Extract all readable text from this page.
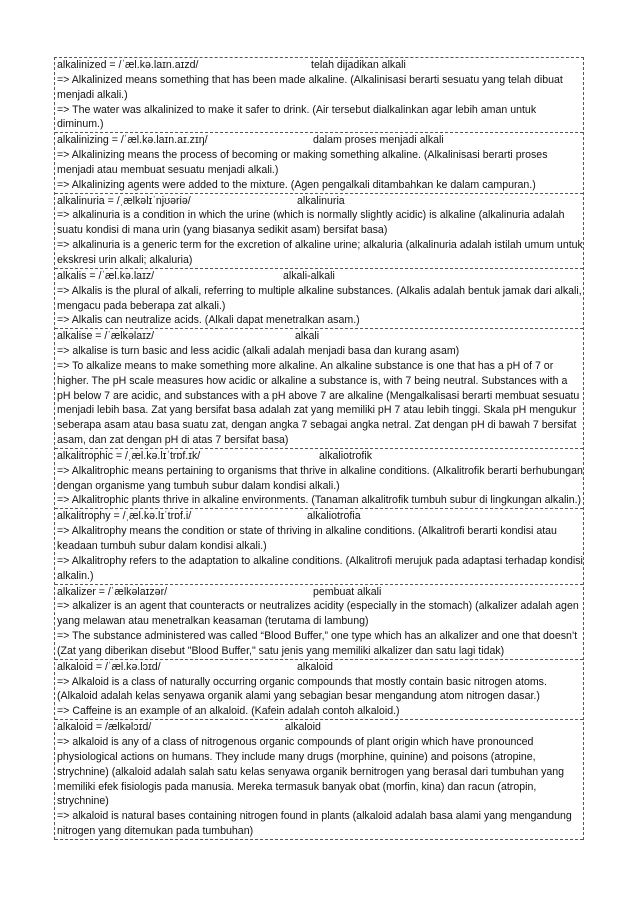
alkalinized = /ˈæl.kə.laɪn.aɪzd/	telah dijadikan alkali
=> Alkalinized means something that has been made alkaline. (Alkalinisasi berarti sesuatu yang telah dibuat menjadi alkali.)
=> The water was alkalinized to make it safer to drink. (Air tersebut dialkalinkan agar lebih aman untuk diminum.)
alkalinizing = /ˈæl.kə.laɪn.aɪ.zɪŋ/	dalam proses menjadi alkali
=> Alkalinizing means the process of becoming or making something alkaline. (Alkalinisasi berarti proses menjadi atau membuat sesuatu menjadi alkali.)
=> Alkalinizing agents were added to the mixture. (Agen pengalkali ditambahkan ke dalam campuran.)
alkalinuria = /ˌælkəlɪˈnjʊəriə/	alkalinuria
=> alkalinuria is a condition in which the urine (which is normally slightly acidic) is alkaline (alkalinuria adalah suatu kondisi di mana urin (yang biasanya sedikit asam) bersifat basa)
=> alkalinuria is a generic term for the excretion of alkaline urine; alkaluria (alkalinuria adalah istilah umum untuk ekskresi urin alkali; alkaluria)
alkalis = /ˈæl.kə.laɪz/	alkali-alkali
=> Alkalis is the plural of alkali, referring to multiple alkaline substances. (Alkalis adalah bentuk jamak dari alkali, mengacu pada beberapa zat alkali.)
=> Alkalis can neutralize acids. (Alkali dapat menetralkan asam.)
alkalise = /ˈælkəlaɪz/	alkali
=> alkalise is turn basic and less acidic (alkali adalah menjadi basa dan kurang asam)
=> To alkalize means to make something more alkaline. An alkaline substance is one that has a pH of 7 or higher. The pH scale measures how acidic or alkaline a substance is, with 7 being neutral. Substances with a pH below 7 are acidic, and substances with a pH above 7 are alkaline (Mengalkalisasi berarti membuat sesuatu menjadi lebih basa. Zat yang bersifat basa adalah zat yang memiliki pH 7 atau lebih tinggi. Skala pH mengukur seberapa asam atau basa suatu zat, dengan angka 7 sebagai angka netral. Zat dengan pH di bawah 7 bersifat asam, dan zat dengan pH di atas 7 bersifat basa)
alkalitrophic = /ˌæl.kə.lɪˈtrɒf.ɪk/	alkaliotrofik
=> Alkalitrophic means pertaining to organisms that thrive in alkaline conditions. (Alkalitrofik berarti berhubungan dengan organisme yang tumbuh subur dalam kondisi alkali.)
=> Alkalitrophic plants thrive in alkaline environments. (Tanaman alkalitrofik tumbuh subur di lingkungan alkalin.)
alkalitrophy = /ˌæl.kə.lɪˈtrɒf.i/	alkaliotrofia
=> Alkalitrophy means the condition or state of thriving in alkaline conditions. (Alkalitrofi berarti kondisi atau keadaan tumbuh subur dalam kondisi alkali.)
=> Alkalitrophy refers to the adaptation to alkaline conditions. (Alkalitrofi merujuk pada adaptasi terhadap kondisi alkalin.)
alkalizer = /ˈælkəlaɪzər/	pembuat alkali
=> alkalizer is an agent that counteracts or neutralizes acidity (especially in the stomach) (alkalizer adalah agen yang melawan atau menetralkan keasaman (terutama di lambung)
=> The substance administered was called “Blood Buffer,” one type which has an alkalizer and one that doesn’t (Zat yang diberikan disebut "Blood Buffer," satu jenis yang memiliki alkalizer dan satu lagi tidak)
alkaloid = /ˈæl.kə.lɔɪd/	alkaloid
=> Alkaloid is a class of naturally occurring organic compounds that mostly contain basic nitrogen atoms. (Alkaloid adalah kelas senyawa organik alami yang sebagian besar mengandung atom nitrogen dasar.)
=> Caffeine is an example of an alkaloid. (Kafein adalah contoh alkaloid.)
alkaloid = /ælkəlɔɪd/	alkaloid
=> alkaloid is any of a class of nitrogenous organic compounds of plant origin which have pronounced physiological actions on humans. They include many drugs (morphine, quinine) and poisons (atropine, strychnine) (alkaloid adalah salah satu kelas senyawa organik bernitrogen yang berasal dari tumbuhan yang memiliki efek fisiologis pada manusia. Mereka termasuk banyak obat (morfin, kina) dan racun (atropin, strychnine)
=> alkaloid is natural bases containing nitrogen found in plants (alkaloid adalah basa alami yang mengandung nitrogen yang ditemukan pada tumbuhan)
